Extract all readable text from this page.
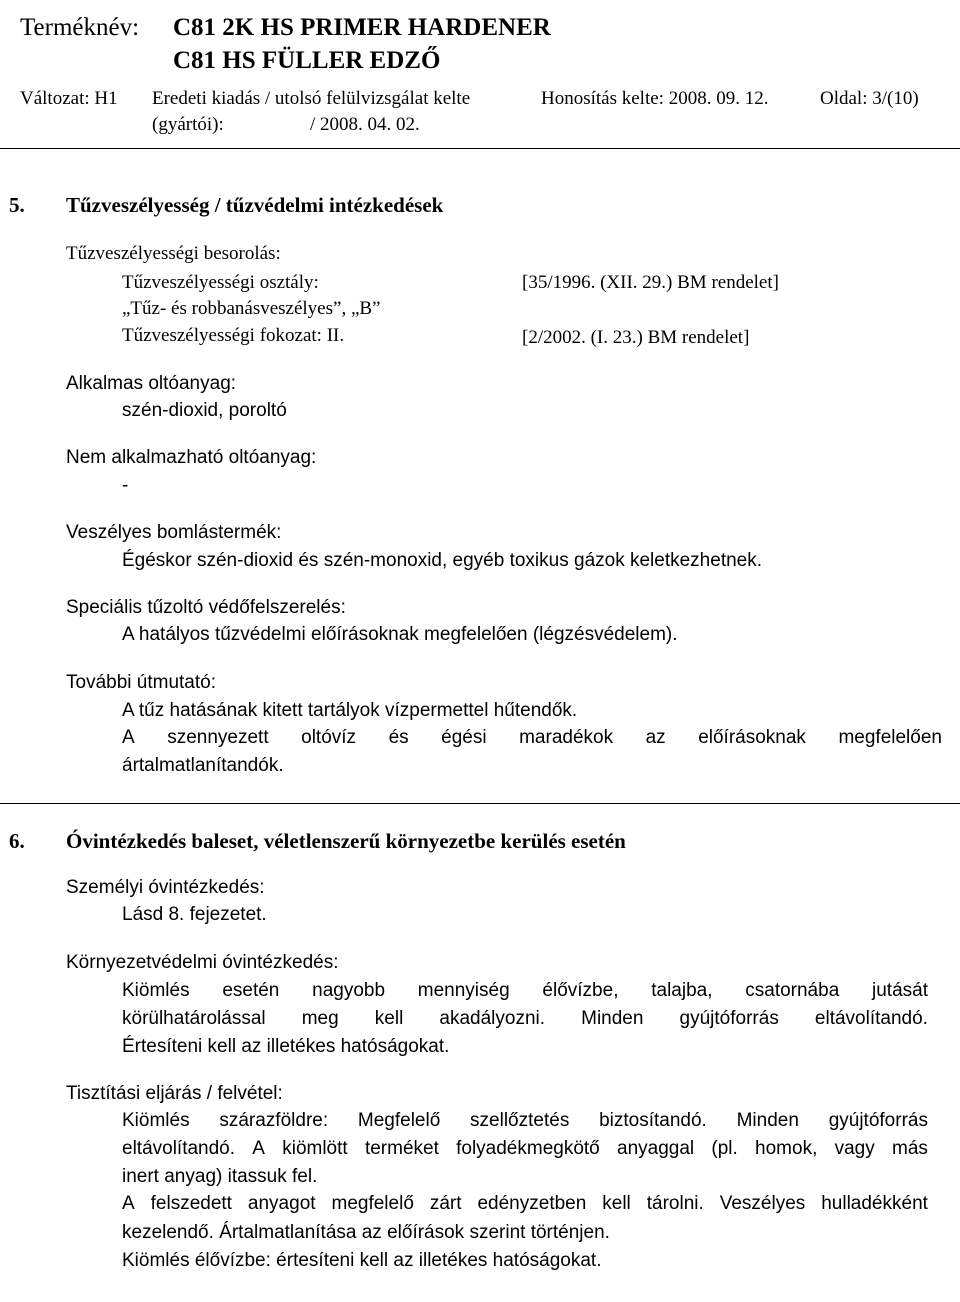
Terméknév: C81 2K HS PRIMER HARDENER
C81 HS FÜLLER EDZŐ
Változat: H1 Eredeti kiadás / utolsó felülvizsgálat kelte
(gyártói):	/ 2008. 04. 02.
Honosítás kelte: 2008. 09. 12.	Oldal: 3/(10)
5. Tűzveszélyesség / tűzvédelmi intézkedések
Tűzveszélyességi besorolás:
Tűzveszélyességi osztály:	[35/1996. (XII. 29.) BM rendelet]
„Tűz- és robbanásveszélyes”, „B”
Tűzveszélyességi fokozat: II.	[2/2002. (I. 23.) BM rendelet]
Alkalmas oltóanyag:
szén-dioxid, poroltó
Nem alkalmazható oltóanyag:
-
Veszélyes bomlástermék:
Égéskor szén-dioxid és szén-monoxid, egyéb toxikus gázok keletkezhetnek.
Speciális tűzoltó védőfelszerelés:
A hatályos tűzvédelmi előírásoknak megfelelően (légzésvédelem).
További útmutató:
A tűz hatásának kitett tartályok vízpermettel hűtendők.
A szennyezett oltóvíz és égési maradékok az előírásoknak megfelelően
ártalmatlanítandók.
6. Óvintézkedés baleset, véletlenszerű környezetbe kerülés esetén
Személyi óvintézkedés:
Lásd 8. fejezetet.
Környezetvédelmi óvintézkedés:
Kiömlés esetén nagyobb mennyiség élővízbe, talajba, csatornába jutását
körülhatárolással meg kell akadályozni. Minden gyújtóforrás eltávolítandó.
Értesíteni kell az illetékes hatóságokat.
Tisztítási eljárás / felvétel:
Kiömlés szárazföldre: Megfelelő szellőztetés biztosítandó. Minden gyújtóforrás
eltávolítandó. A kiömlött terméket folyadékmegkötő anyaggal (pl. homok, vagy más
inert anyag) itassuk fel.
A felszedett anyagot megfelelő zárt edényzetben kell tárolni. Veszélyes hulladékként
kezelendő. Ártalmatlanítása az előírások szerint történjen.
Kiömlés élővízbe: értesíteni kell az illetékes hatóságokat.
